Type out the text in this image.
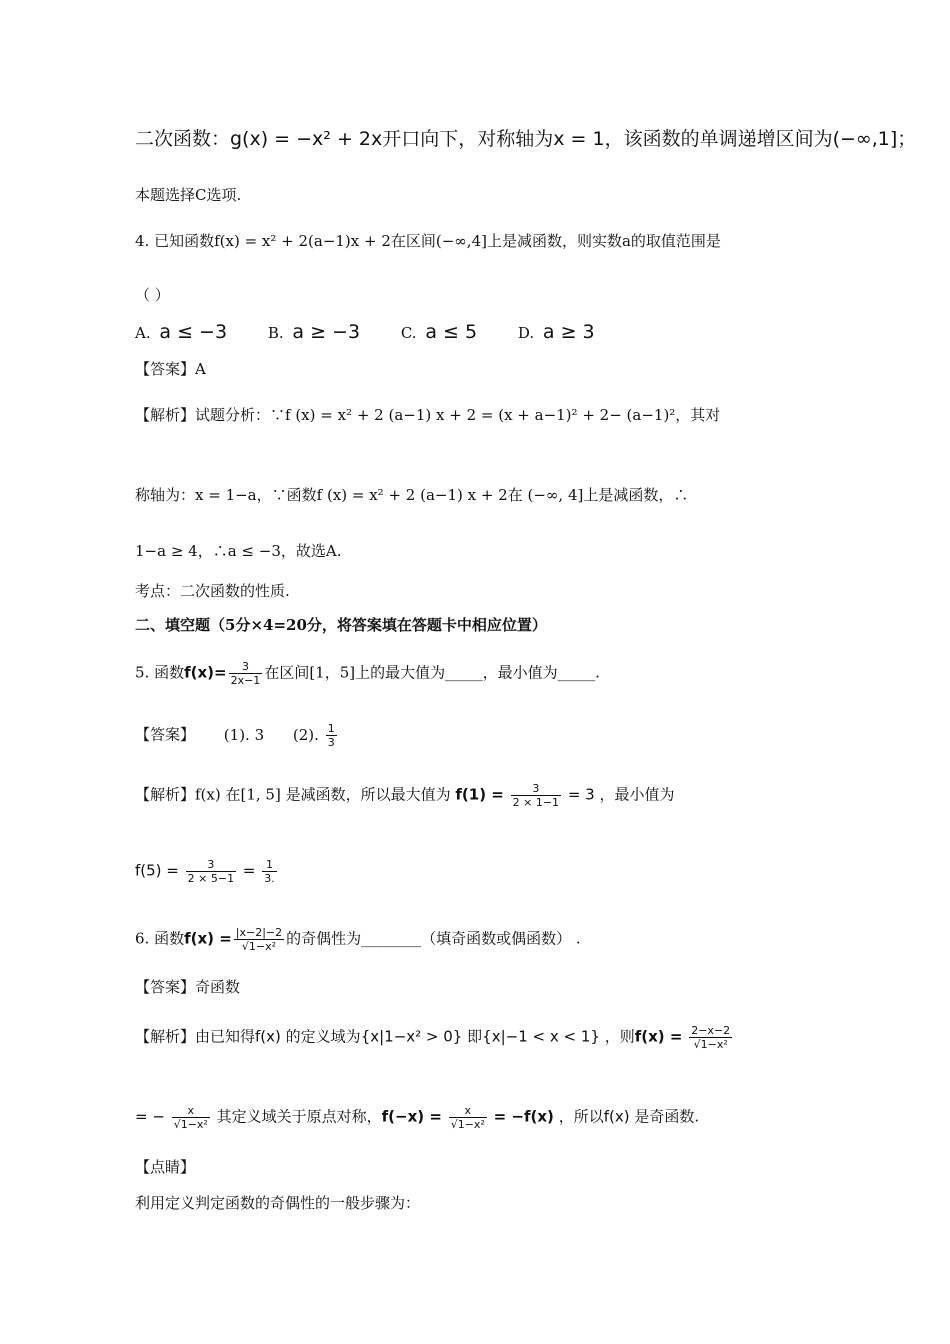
二次函数：g(x) = −x² + 2x开口向下，对称轴为x = 1，该函数的单调递增区间为(−∞,1]；
本题选择C选项.
4. 已知函数f(x) = x² + 2(a−1)x + 2在区间(−∞,4]上是减函数，则实数a的取值范围是
（ ）
A. a ≤ −3	B. a ≥ −3	C. a ≤ 5	D. a ≥ 3
【答案】A
【解析】试题分析：∵f (x) = x² + 2 (a−1) x + 2 = (x + a−1)² + 2− (a−1)²，其对
称轴为：x = 1−a，∵函数f (x) = x² + 2 (a−1) x + 2在 (−∞, 4]上是减函数，∴
1−a ≥ 4，∴a ≤ −3，故选A.
考点：二次函数的性质.
二、填空题（5分×4=20分，将答案填在答题卡中相应位置）
5. 函数$f(x)= \frac{3}{2x-1}$ 在区间[1，5]上的最大值为_____，最小值为_____.
【答案】 (1). 3 (2). $\frac{1}{3}$
【解析】f(x) 在[1, 5] 是减函数，所以最大值为 $f(1) = \frac{3}{2 \times 1-1} = 3$ ，最小值为
$f(5) = \frac{3}{2 \times 5-1} = \frac{1}{3.}$
6. 函数$f(x) = \frac{|x-2|-2}{\text{√1−x²}}$ 的奇偶性为________（填奇函数或偶函数） .
【答案】奇函数
【解析】由已知得f(x) 的定义域为{x|1−x² > 0} 即{x|−1 < x < 1} ，则$f(x) = \frac{2-x-2}{\text{√1−x²}}$
= − $\frac{x}{\text{√1−x²}}$ 其定义域关于原点对称，$f(-x) = \frac{x}{\text{√1−x²}} = -f(x)$ ，所以f(x) 是奇函数.
【点睛】
利用定义判定函数的奇偶性的一般步骤为：
